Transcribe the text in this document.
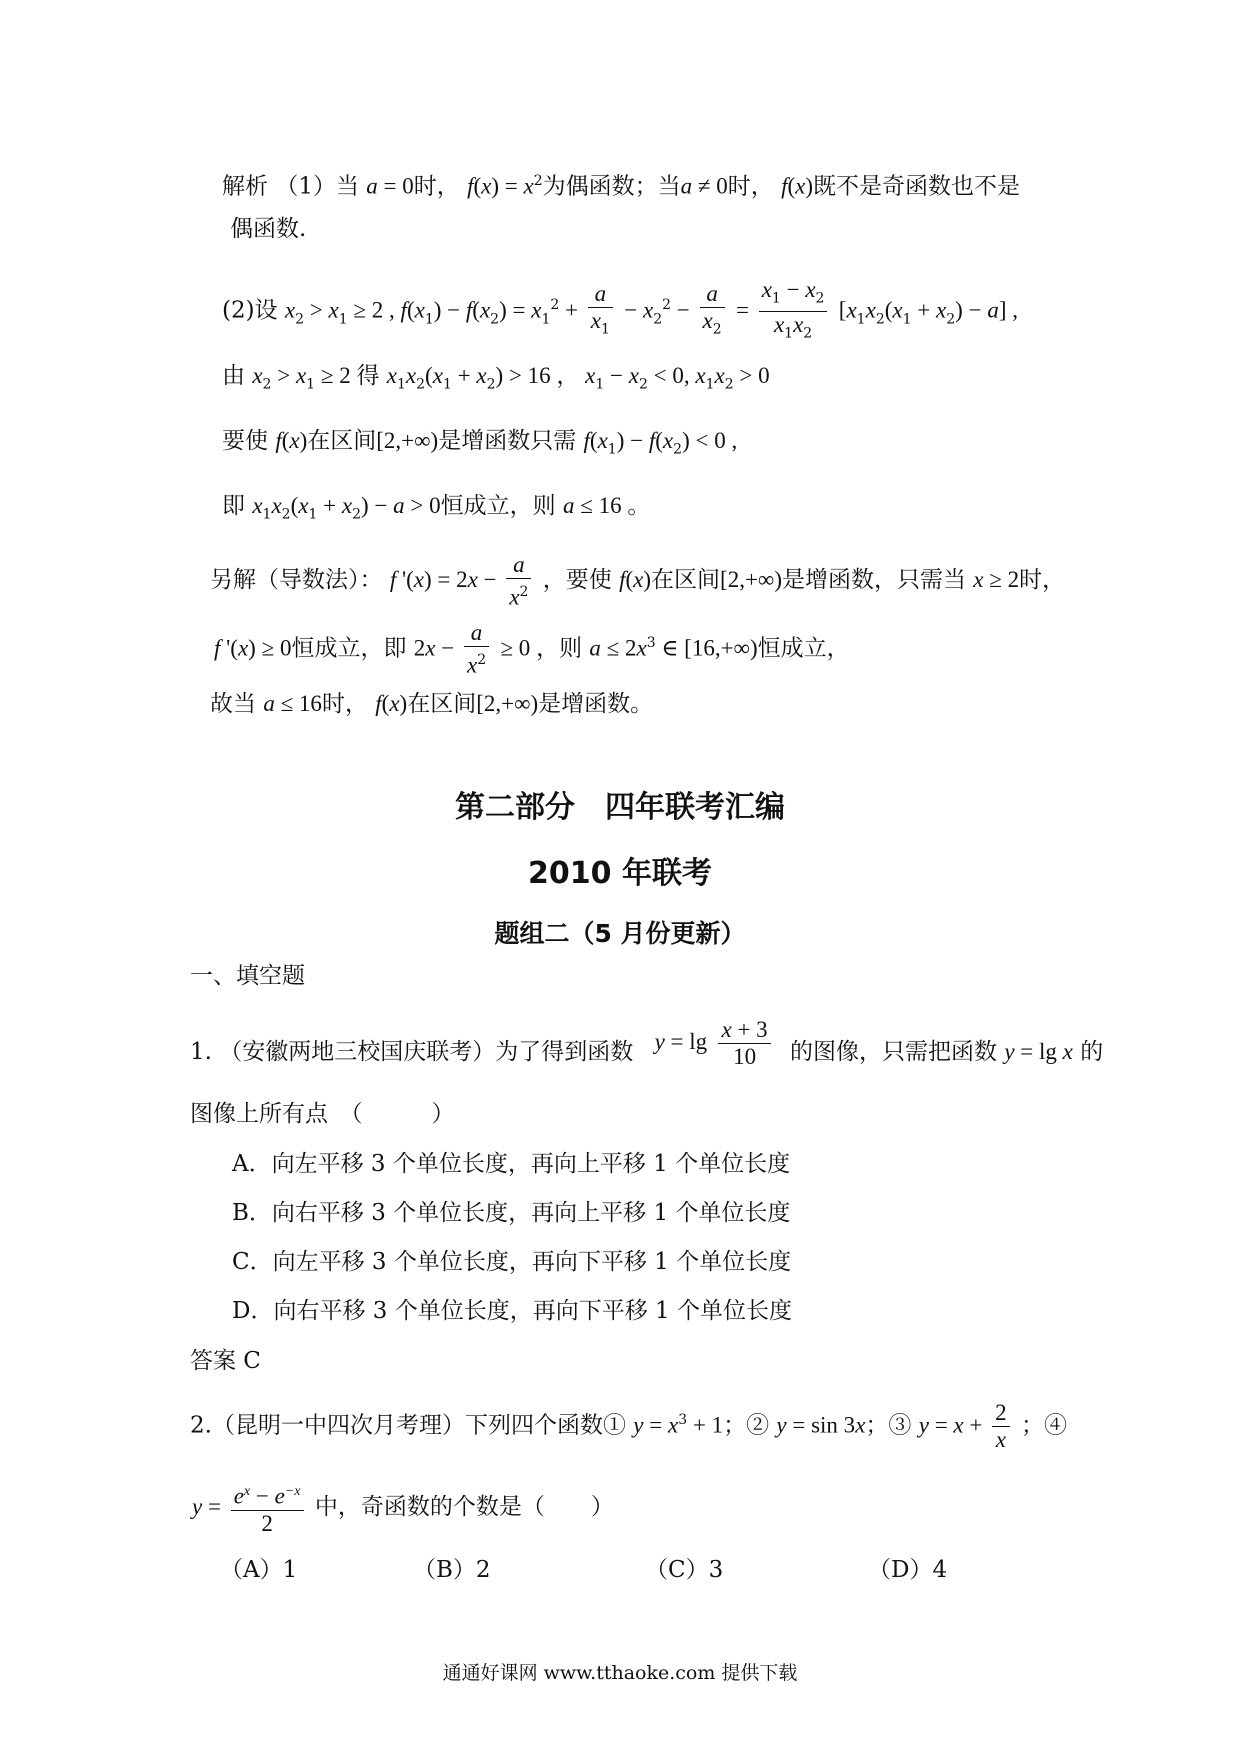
解析 （1）当 a = 0时， $f(x) = x^2$为偶函数；当a ≠ 0时， f(x)既不是奇函数也不是
偶函数.
(2)设 $x_2 > x_1 \ge 2$ , $f(x_1) - f(x_2) = x_1^2 + \frac{a}{x_1} - x_2^2 - \frac{a}{x_2} = \frac{x_1 - x_2}{x_1x_2} [x_1x_2(x_1 + x_2) - a]$ ,
由 $x_2 > x_1 \ge 2$ 得 $x_1x_2(x_1 + x_2) > 16$ ， $x_1 - x_2 < 0$, $x_1x_2 > 0$
要使 f(x)在区间[2,+∞)是增函数只需 $f(x_1) - f(x_2) < 0$ ,
即 $x_1x_2(x_1 + x_2) - a > 0$恒成立，则 a ≤ 16 。
另解（导数法）： f '$(x) = 2x - \frac{a}{x^2}$ ，要使 f(x)在区间[2,+∞)是增函数，只需当 x ≥ 2时，
f '(x) ≥ 0恒成立，即 $2x - \frac{a}{x^2} \ge 0$ ，则 $a \le 2x^3$ ∈ [16,+∞)恒成立，
故当 a ≤ 16时， f(x)在区间[2,+∞)是增函数。
第二部分　四年联考汇编
2010 年联考
题组二（5 月份更新）
一、填空题
1. （安徽两地三校国庆联考）为了得到函数 $y = \lg \frac{x + 3}{10}$ 的图像，只需把函数 y = lg x 的
图像上所有点　（　　　）
A．向左平移 3 个单位长度，再向上平移 1 个单位长度
B．向右平移 3 个单位长度，再向上平移 1 个单位长度
C．向左平移 3 个单位长度，再向下平移 1 个单位长度
D．向右平移 3 个单位长度，再向下平移 1 个单位长度
答案 C
2.（昆明一中四次月考理）下列四个函数① $y = x^3 + 1$；② y = sin 3x；③ $y = x + \frac{2}{x}$ ；④
$y = \frac{e^x - e^{-x}}{2}$ 中，奇函数的个数是（　　）
（A）1	（B）2	（C）3	（D）4
通通好课网 www.tthaoke.com 提供下载
